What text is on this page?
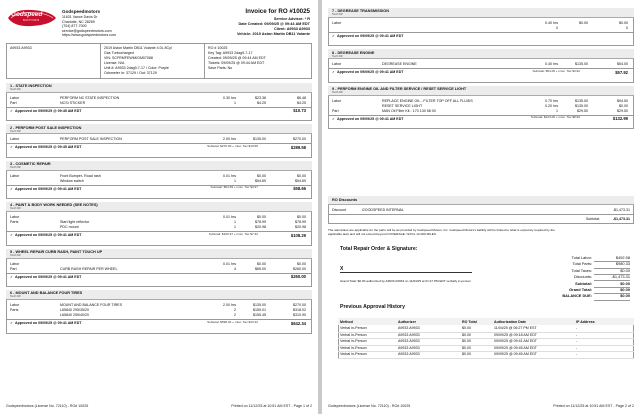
Godspeed
MOTORS
Godspeedmotors
11631 Vance Davis Dr
Charlotte, NC 28269
(704) 877-7000
service@godspeedmotors.com
https://www.godspeedmotors.com
Invoice for RO #10025
Service Advisor: * R
Date Created: 09/09/25 @ 09:44 AM EDT
Client: A9933 A9933
Vehicle: 2019 Aston Martin DB11 Volante
A9933 A9933	2019 Aston Martin DB11 Volante 4.0L 8Cyl
Gas Turbocharged
VIN: SCFRMFEW6KGM07088
License: N/A
Unit #: A9933 2dag9-7-17 / Color: Purple
Odometer In: 37129 / Out: 37129
RO # 10025
Key Tag: A9933 2dag9-7-17
Created: 09/09/25 @ 09:44 AM EDT
Tickets: 09/09/25 @ 09:44 AM EDT
Save Parts: No
1 - STATE INSPECTION
Tech:##
Labor	PERFORM NC STATE INSPECTION	0.30 hrs	$23.36	$6.48
Part	NCSI STICKER	1	$4.25	$4.25
$10.73
✓ Approved on 09/09/25 @ 09:45 AM EDT
2 - PERFORM POST SALE INSPECTION
Tech:##
Labor	PERFORM POST SALE INSPECTION	2.00 hrs	$135.00	$270.00
Subtotal: $270.00 + misc. Tax $19.58	$289.58
✓ Approved on 09/09/25 @ 09:45 AM EDT
3 - COSMETIC REPAIR
Tech:##
Labor	Front Bumper- Road rash	0.01 hrs	$0.00	$0.00
Window switch	1	$54.69	$54.69
Subtotal: $54.69 + misc. Tax $3.97	$58.66
✓ Approved on 09/09/25 @ 09:41 AM EDT
4 - PAINT & BODY WORK NEEDED (SEE NOTES)
Tech:##
Labor	0.01 hrs	$0.00	$0.00
Parts	Start light reflector	1	$78.99	$78.99
PDC mount	1	$20.98	$20.98
Subtotal: $100.97 + misc. Tax $7.32	$108.29
✓ Approved on 09/09/25 @ 09:41 AM EDT
5 - WHEEL REPAIR CURB RASH, PAINT TOUCH UP
Tech:##
Labor	0.01 hrs	$0.00	$0.00
Part	CURB RASH REPAIR PER WHEEL	4	$65.00	$260.00
$260.00
✓ Approved on 09/09/25 @ 09:41 AM EDT
6 - MOUNT AND BALANCE FOUR TIRES
Tech:##
Labor	MOUNT AND BALANCE FOUR TIRES	2.00 hrs	$135.00	$270.00
Parts	L65840 295/35/20	2	$159.01	$318.02
L65840 255/40/20	2	$155.45	$310.90
Subtotal: $598.92 + misc. Tax $43.42	$642.34
✓ Approved on 09/09/25 @ 09:41 AM EDT
Godspeedmotors (License No. 72110) - RO# 10025	Printed on 11/12/25 at 10:51 AM EST - Page 1 of 2
7 - DEGREASE TRANSMISSION
Tech:##
Labor	0.40 hrs	$0.00	$0.00
0	0
✓ Approved on 09/09/25 @ 09:41 AM EDT
8 - DEGREASE ENGINE
Tech:##
Labor	DEGREASE ENGINE	0.40 hrs	$135.00	$54.00
Subtotal: $54.00 + misc. Tax $3.92	$57.92
✓ Approved on 09/09/25 @ 09:41 AM EDT
9 - PERFORM ENGINE OIL AND FILTER SERVICE / RESET SERVICE LIGHT
Tech:##
Labor	REPLACE ENGINE OIL - FILTER TOP OFF ALL FLUIDS	0.70 hrs	$135.00	$94.50
RESET SERVICE LIGHT	0.20 hrs	$135.00	$0.00
Part	MAN Oil Filter Kit - 170 130 58 00	1	$29.50	$29.50
Subtotal: $124.00 + misc. Tax $8.99	$132.99
✓ Approved on 09/09/25 @ 09:41 AM EDT
RO Discounts
Discount	GOODSPEED INTERNAL	-$1,473.31
Subtotal:	-$1,473.31
The warranties are applicable for the parts will be as provided by Godspeed Motors, Inc. Godspeed Motors's liability will be limited to what is expressly required by the
applicable laws and will not extend beyond COVERAGE / EXCL 12,000 MILES.
Total Repair Order & Signature:
Total Labor:	$492.98
Total Parts:	$980.33
Total Taxes:	$0.00
Discounts:	-$1,473.31
Subtotal:	$0.00
Grand Total:	$0.00
BALANCE DUE:	$0.00
X
Grand Total: $0.00 authorized by A9933 A9933 on 11/04/25 at 01:27 PM EDT verbally in-person
Previous Approval History
Method	Authorizer	RO Total	Authorization Date	IP Address
Verbal in-Person	A9933 A9933	$0.00	11/04/25 @ 06:27 PM EST	-
Verbal in-Person	A9933 A9933	$0.00	09/09/25 @ 09:18 AM EDT	-
Verbal in-Person	A9933 A9933	$0.00	09/09/25 @ 09:41 AM EDT	-
Verbal in-Person	A9933 A9933	$0.00	09/09/25 @ 09:45 AM EDT	-
Verbal in-Person	A9933 A9933	$0.00	09/09/25 @ 09:45 AM EDT	-
Godspeedmotors (License No. 72110) - RO# 10025	Printed on 11/12/25 at 10:51 AM EST - Page 2 of 2
